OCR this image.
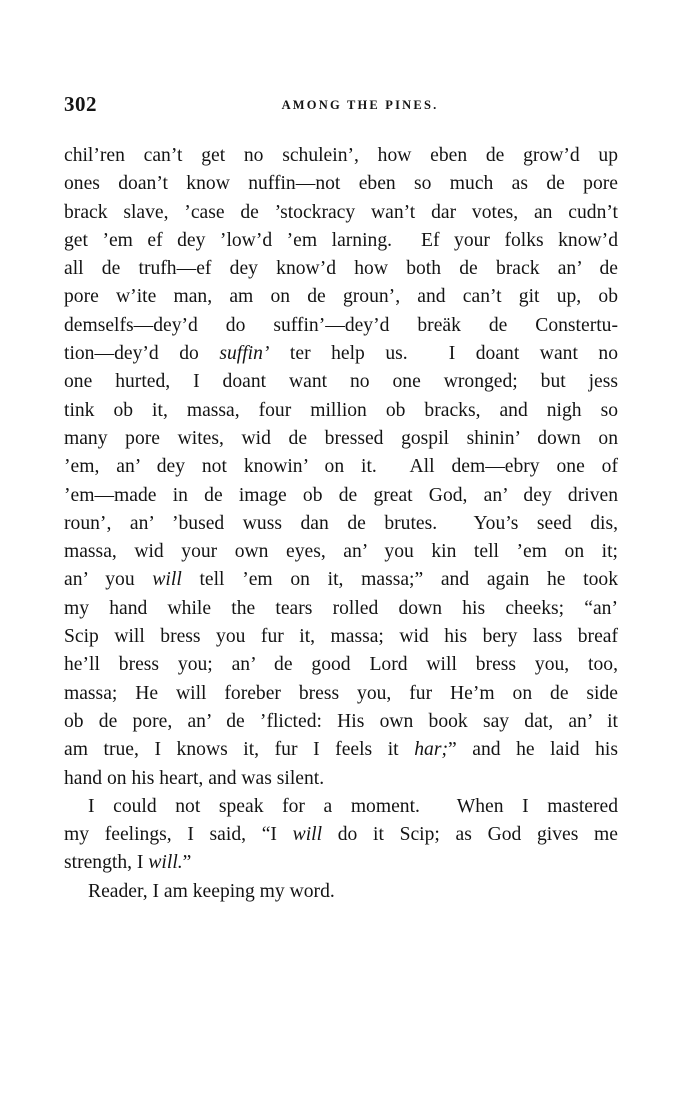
302	AMONG THE PINES.
chil’ren can’t get no schulein’, how eben de grow’d up
ones doan’t know nuffin—not eben so much as de pore
brack slave, ’case de ’stockracy wan’t dar votes, an cudn’t
get ’em ef dey ’low’d ’em larning.  Ef your folks know’d
all de trufh—ef dey know’d how both de brack an’ de
pore w’ite man, am on de groun’, and can’t git up, ob
demselfs—dey’d do suffin’—dey’d breäk de Constertu-
tion—dey’d do suffin’ ter help us.  I doant want no
one hurted, I doant want no one wronged; but jess
tink ob it, massa, four million ob bracks, and nigh so
many pore wites, wid de bressed gospil shinin’ down on
’em, an’ dey not knowin’ on it.  All dem—ebry one of
’em—made in de image ob de great God, an’ dey driven
roun’, an’ ’bused wuss dan de brutes.  You’s seed dis,
massa, wid your own eyes, an’ you kin tell ’em on it;
an’ you will tell ’em on it, massa;” and again he took
my hand while the tears rolled down his cheeks; “an’
Scip will bress you fur it, massa; wid his bery lass breaf
he’ll bress you; an’ de good Lord will bress you, too,
massa; He will foreber bress you, fur He’m on de side
ob de pore, an’ de ’flicted: His own book say dat, an’ it
am true, I knows it, fur I feels it har;” and he laid his
hand on his heart, and was silent.
I could not speak for a moment.  When I mastered
my feelings, I said, “I will do it Scip; as God gives me
strength, I will.”
Reader, I am keeping my word.
